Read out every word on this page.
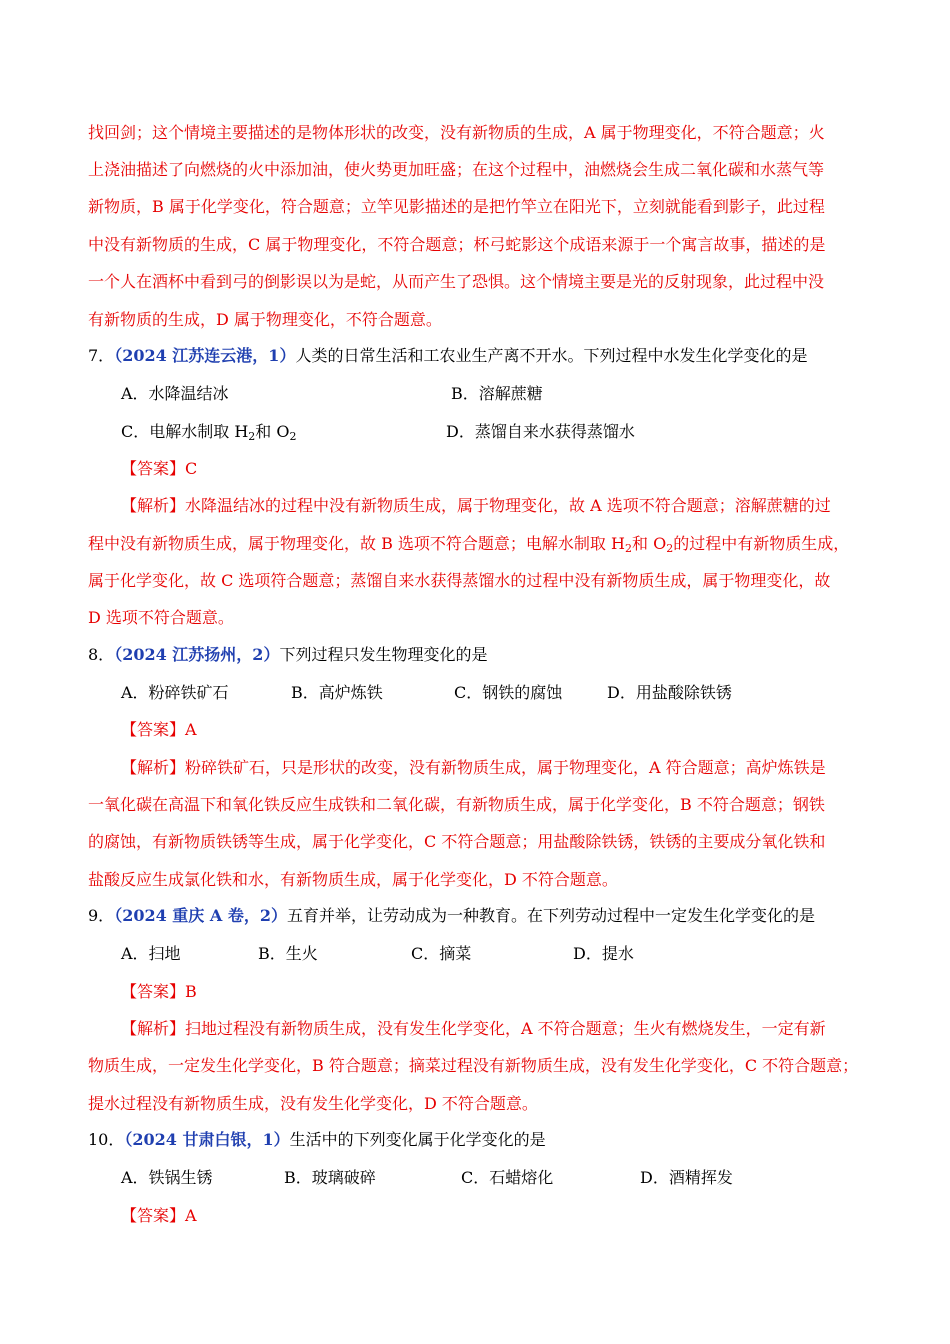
找回剑；这个情境主要描述的是物体形状的改变，没有新物质的生成，A 属于物理变化，不符合题意；火
上浇油描述了向燃烧的火中添加油，使火势更加旺盛；在这个过程中，油燃烧会生成二氧化碳和水蒸气等
新物质，B 属于化学变化，符合题意；立竿见影描述的是把竹竿立在阳光下，立刻就能看到影子，此过程
中没有新物质的生成，C 属于物理变化，不符合题意；杯弓蛇影这个成语来源于一个寓言故事，描述的是
一个人在酒杯中看到弓的倒影误以为是蛇，从而产生了恐惧。这个情境主要是光的反射现象，此过程中没
有新物质的生成，D 属于物理变化，不符合题意。
7．（2024 江苏连云港，1）人类的日常生活和工农业生产离不开水。下列过程中水发生化学变化的是
A．水降温结冰	B．溶解蔗糖
C．电解水制取 $H_2$和 $O_2$	D．蒸馏自来水获得蒸馏水
【答案】C
【解析】水降温结冰的过程中没有新物质生成，属于物理变化，故 A 选项不符合题意；溶解蔗糖的过
程中没有新物质生成，属于物理变化，故 B 选项不符合题意；电解水制取 $H_2$和 $O_2$的过程中有新物质生成，
属于化学变化，故 C 选项符合题意；蒸馏自来水获得蒸馏水的过程中没有新物质生成，属于物理变化，故
D 选项不符合题意。
8．（2024 江苏扬州，2）下列过程只发生物理变化的是
A．粉碎铁矿石	B．高炉炼铁	C．钢铁的腐蚀	D．用盐酸除铁锈
【答案】A
【解析】粉碎铁矿石，只是形状的改变，没有新物质生成，属于物理变化，A 符合题意；高炉炼铁是
一氧化碳在高温下和氧化铁反应生成铁和二氧化碳，有新物质生成，属于化学变化，B 不符合题意；钢铁
的腐蚀，有新物质铁锈等生成，属于化学变化，C 不符合题意；用盐酸除铁锈，铁锈的主要成分氧化铁和
盐酸反应生成氯化铁和水，有新物质生成，属于化学变化，D 不符合题意。
9．（2024 重庆 A 卷，2）五育并举，让劳动成为一种教育。在下列劳动过程中一定发生化学变化的是
A．扫地	B．生火	C．摘菜	D．提水
【答案】B
【解析】扫地过程没有新物质生成，没有发生化学变化，A 不符合题意；生火有燃烧发生，一定有新
物质生成，一定发生化学变化，B 符合题意；摘菜过程没有新物质生成，没有发生化学变化，C 不符合题意；
提水过程没有新物质生成，没有发生化学变化，D 不符合题意。
10．（2024 甘肃白银，1）生活中的下列变化属于化学变化的是
A．铁锅生锈	B．玻璃破碎	C．石蜡熔化	D．酒精挥发
【答案】A
